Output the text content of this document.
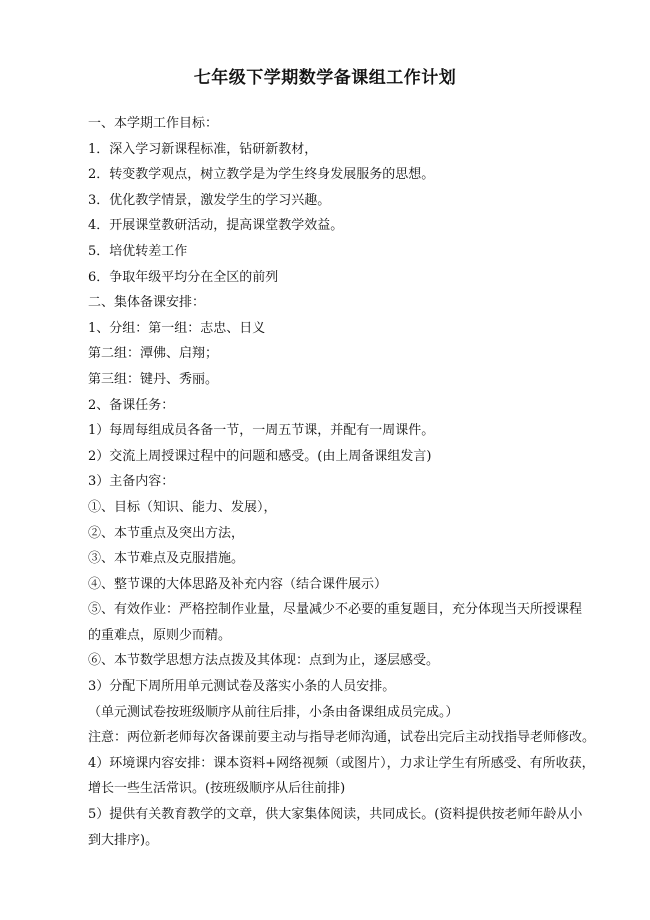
七年级下学期数学备课组工作计划
一、本学期工作目标：
1．深入学习新课程标准，钻研新教材，
2．转变教学观点，树立教学是为学生终身发展服务的思想。
3．优化教学情景，激发学生的学习兴趣。
4．开展课堂教研活动，提高课堂教学效益。
5．培优转差工作
6．争取年级平均分在全区的前列
二、集体备课安排：
1、分组：第一组：志忠、日义
第二组：潭佛、启翔；
第三组：键丹、秀丽。
2、备课任务：
1）每周每组成员各备一节，一周五节课，并配有一周课件。
2）交流上周授课过程中的问题和感受。(由上周备课组发言)
3）主备内容：
①、目标（知识、能力、发展），
②、本节重点及突出方法，
③、本节难点及克服措施。
④、整节课的大体思路及补充内容（结合课件展示）
⑤、有效作业：严格控制作业量，尽量减少不必要的重复题目，充分体现当天所授课程
的重难点，原则少而精。
⑥、本节数学思想方法点拨及其体现：点到为止，逐层感受。
3）分配下周所用单元测试卷及落实小条的人员安排。
（单元测试卷按班级顺序从前往后排，小条由备课组成员完成。）
注意：两位新老师每次备课前要主动与指导老师沟通，试卷出完后主动找指导老师修改。
4）环境课内容安排：课本资料+网络视频（或图片），力求让学生有所感受、有所收获，
增长一些生活常识。(按班级顺序从后往前排)
5）提供有关教育教学的文章，供大家集体阅读，共同成长。(资料提供按老师年龄从小
到大排序)。
